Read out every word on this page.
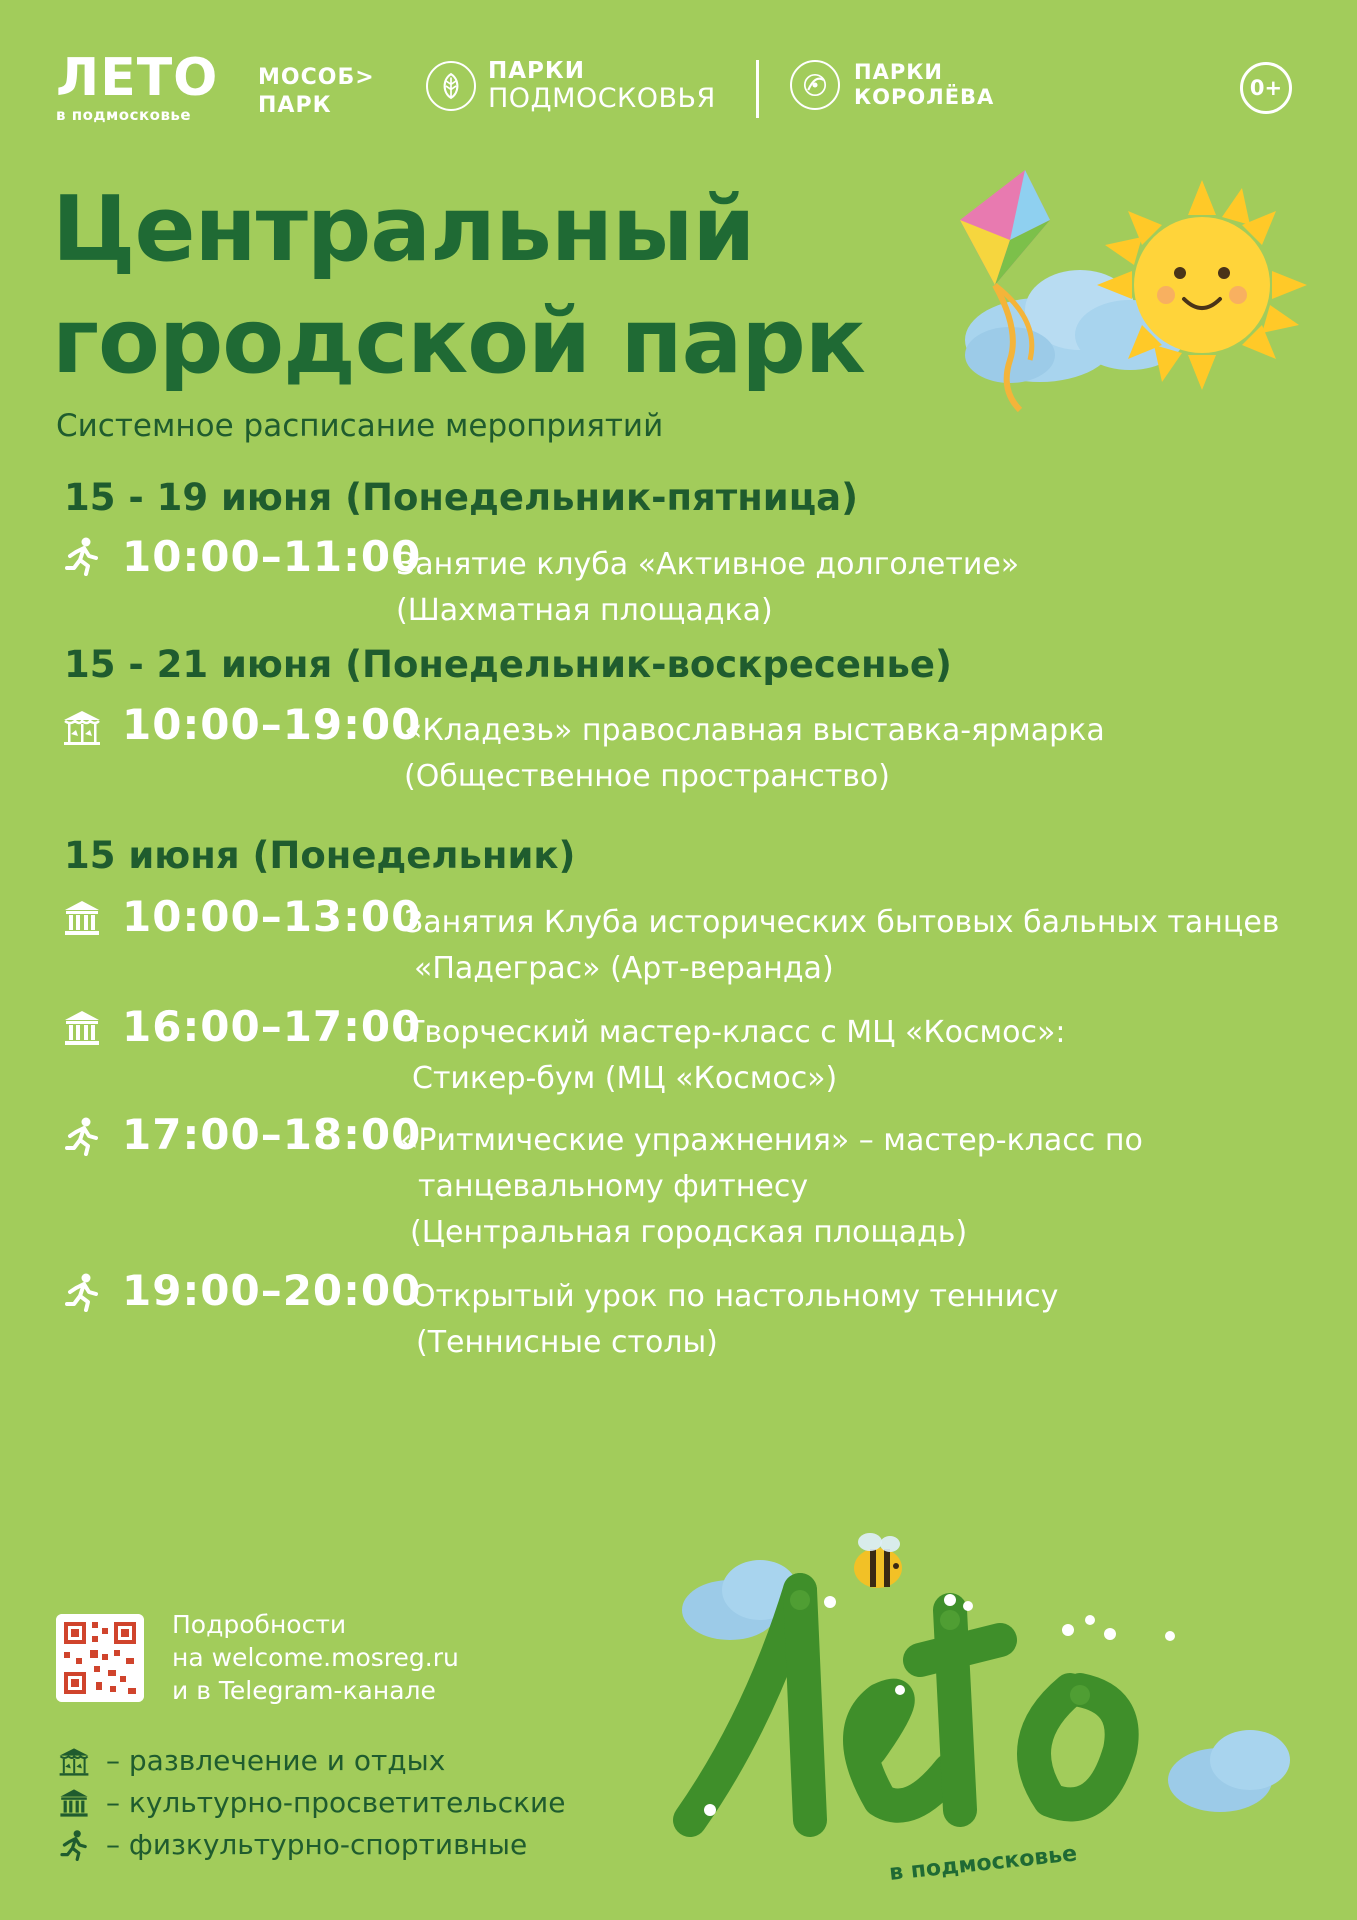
ЛЕТО
в подмосковье
МОСОБ>
ПАРК
ПАРКИ
ПОДМОСКОВЬЯ
ПАРКИ
КОРОЛЁВА	0+
Центральный
городской парк
Системное расписание мероприятий
15 - 19 июня (Понедельник-пятница)
10:00–11:00
Занятие клуба «Активное долголетие»
(Шахматная площадка)
15 - 21 июня (Понедельник-воскресенье)
10:00–19:00
«Кладезь» православная выставка-ярмарка
(Общественное пространство)
15 июня (Понедельник)
10:00–13:00
Занятия Клуба исторических бытовых бальных танцев
«Падеграс» (Арт-веранда)
16:00–17:00
Творческий мастер-класс с МЦ «Космос»:
Стикер-бум (МЦ «Космос»)
17:00–18:00
«Ритмические упражнения» – мастер-класс по
танцевальному фитнесу
(Центральная городская площадь)
19:00–20:00
Открытый урок по настольному теннису
(Теннисные столы)
Подробности
на welcome.mosreg.ru
и в Telegram-канале
– развлечение и отдых
– культурно-просветительские
– физкультурно-спортивные	в подмосковье
